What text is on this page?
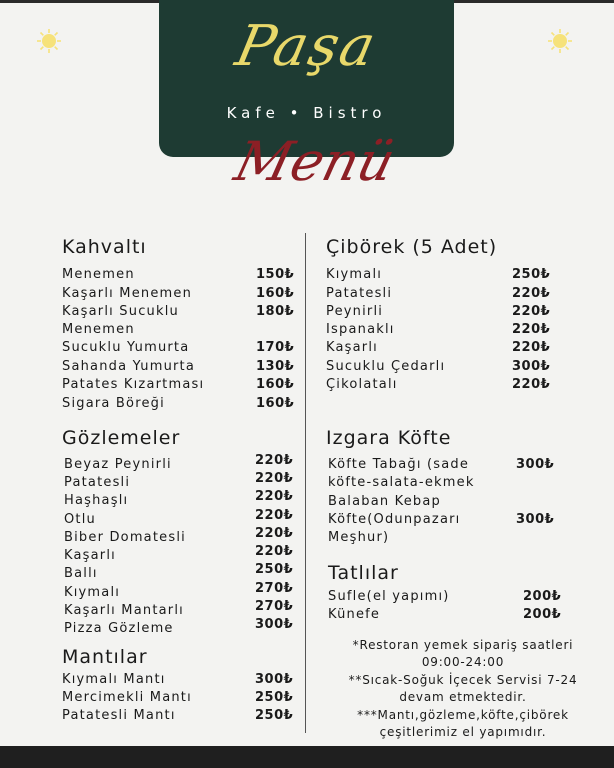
Paşa
Kafe • Bistro
Menü
Kahvaltı
Menemen	150₺
Kaşarlı Menemen	160₺
Kaşarlı Sucuklu	180₺
Menemen
Sucuklu Yumurta	170₺
Sahanda Yumurta	130₺
Patates Kızartması	160₺
Sigara Böreği	160₺
Gözlemeler
Beyaz Peynirli	220₺
Patatesli	220₺
Haşhaşlı	220₺
Otlu	220₺
Biber Domatesli	220₺
Kaşarlı	220₺
Ballı	250₺
Kıymalı	270₺
Kaşarlı Mantarlı	270₺
Pizza Gözleme	300₺
Mantılar
Kıymalı Mantı	300₺
Mercimekli Mantı	250₺
Patatesli Mantı	250₺
Çibörek (5 Adet)
Kıymalı	250₺
Patatesli	220₺
Peynirli	220₺
Ispanaklı	220₺
Kaşarlı	220₺
Sucuklu Çedarlı	300₺
Çikolatalı	220₺
Izgara Köfte
Köfte Tabağı (sade	300₺
köfte-salata-ekmek
Balaban Kebap
Köfte(Odunpazarı	300₺
Meşhur)
Tatlılar
Sufle(el yapımı)	200₺
Künefe	200₺
*Restoran yemek sipariş saatleri
09:00-24:00
**Sıcak-Soğuk İçecek Servisi 7-24
devam etmektedir.
***Mantı,gözleme,köfte,çibörek
çeşitlerimiz el yapımıdır.
